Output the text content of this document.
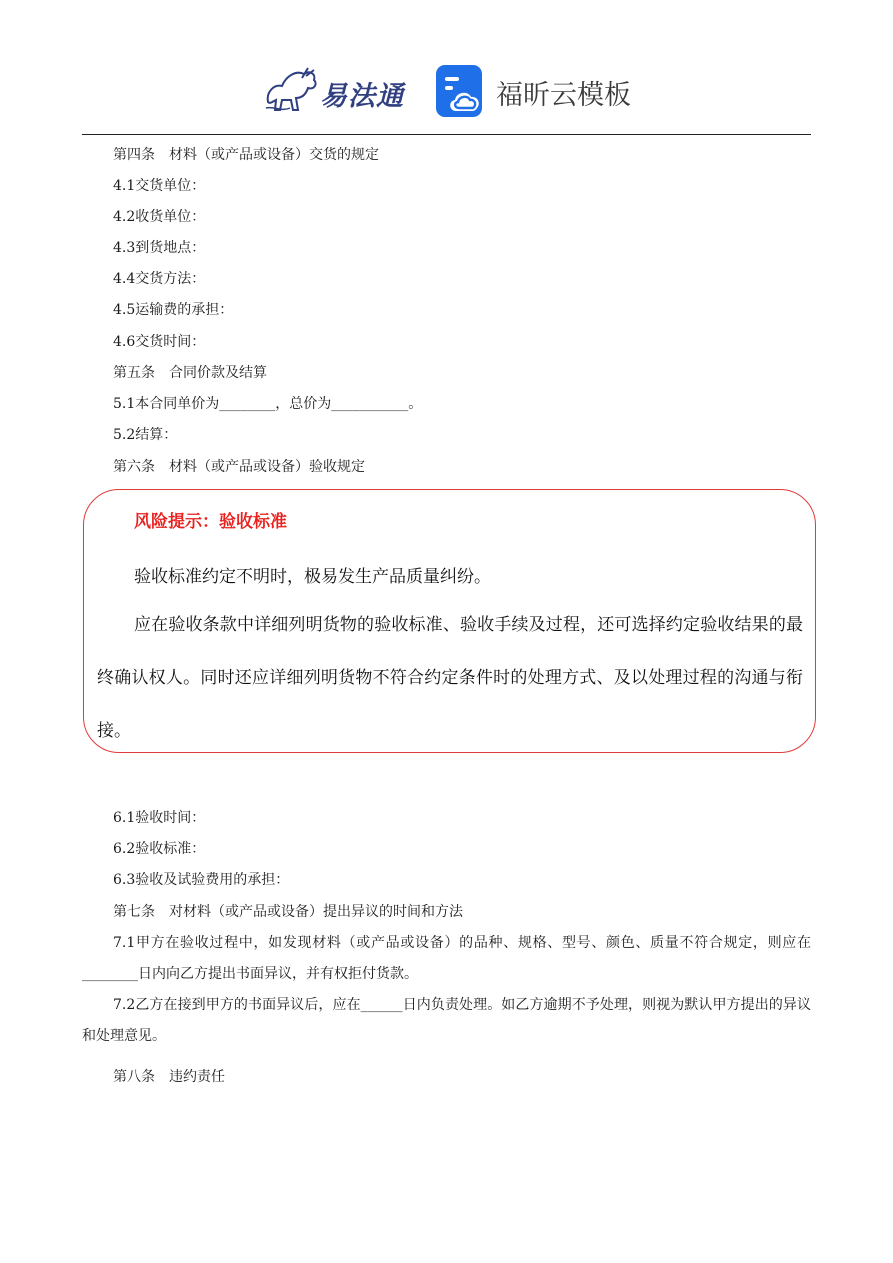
易法通	福昕云模板
第四条　材料（或产品或设备）交货的规定
4.1交货单位：
4.2收货单位：
4.3到货地点：
4.4交货方法：
4.5运输费的承担：
4.6交货时间：
第五条　合同价款及结算
5.1本合同单价为________，总价为___________。
5.2结算：
第六条　材料（或产品或设备）验收规定
风险提示：验收标准
验收标准约定不明时，极易发生产品质量纠纷。
应在验收条款中详细列明货物的验收标准、验收手续及过程，还可选择约定验收结果的最终确认权人。同时还应详细列明货物不符合约定条件时的处理方式、及以处理过程的沟通与衔接。
6.1验收时间：
6.2验收标准：
6.3验收及试验费用的承担：
第七条　对材料（或产品或设备）提出异议的时间和方法
7.1甲方在验收过程中，如发现材料（或产品或设备）的品种、规格、型号、颜色、质量不符合规定，则应在________日内向乙方提出书面异议，并有权拒付货款。
7.2乙方在接到甲方的书面异议后，应在______日内负责处理。如乙方逾期不予处理，则视为默认甲方提出的异议和处理意见。
第八条　违约责任
